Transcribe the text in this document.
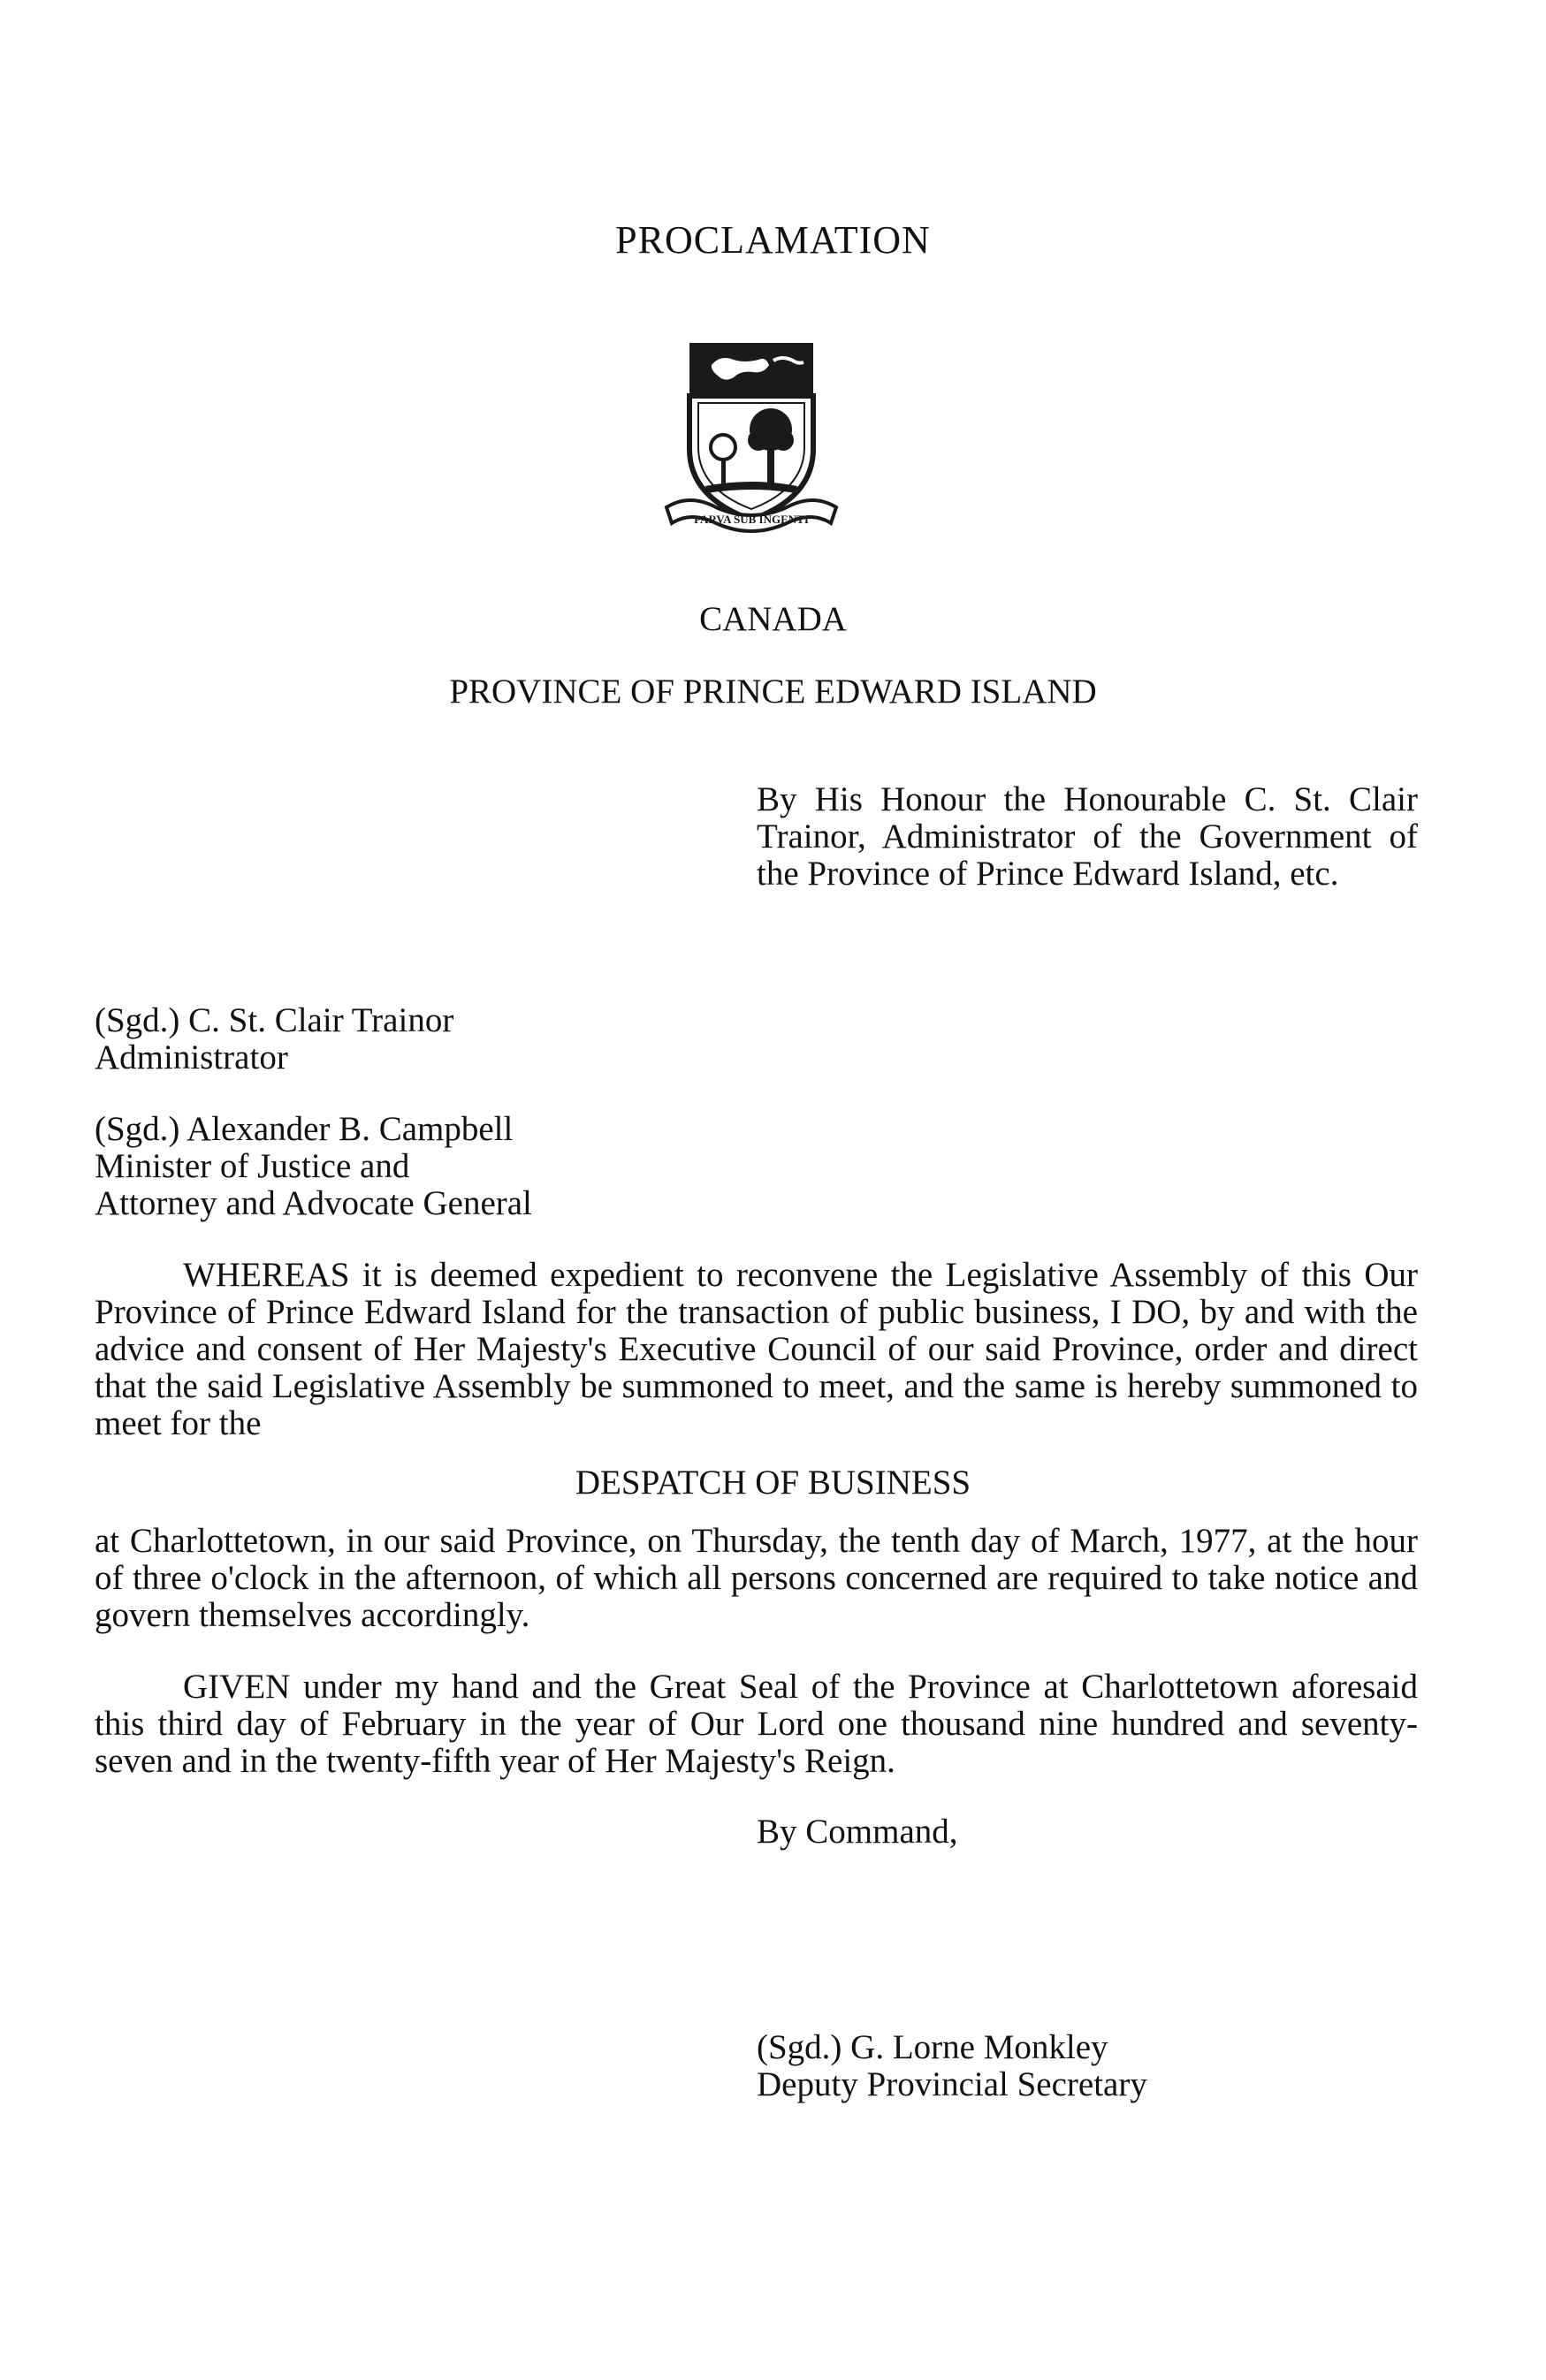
PROCLAMATION
PARVA SUB INGENTI
CANADA
PROVINCE OF PRINCE EDWARD ISLAND
By His Honour the Honourable C. St. Clair Trainor, Administrator of the Government of the Province of Prince Edward Island, etc.
(Sgd.) C. St. Clair Trainor
Administrator
(Sgd.) Alexander B. Campbell
Minister of Justice and
Attorney and Advocate General
WHEREAS it is deemed expedient to reconvene the Legislative Assembly of this Our Province of Prince Edward Island for the transaction of public business, I DO, by and with the advice and consent of Her Majesty's Executive Council of our said Province, order and direct that the said Legislative Assembly be summoned to meet, and the same is hereby summoned to meet for the
DESPATCH OF BUSINESS
at Charlottetown, in our said Province, on Thursday, the tenth day of March, 1977, at the hour of three o'clock in the afternoon, of which all persons concerned are required to take notice and govern themselves accordingly.
GIVEN under my hand and the Great Seal of the Province at Charlottetown aforesaid this third day of February in the year of Our Lord one thousand nine hundred and seventy-seven and in the twenty-fifth year of Her Majesty's Reign.
By Command,
(Sgd.) G. Lorne Monkley
Deputy Provincial Secretary
